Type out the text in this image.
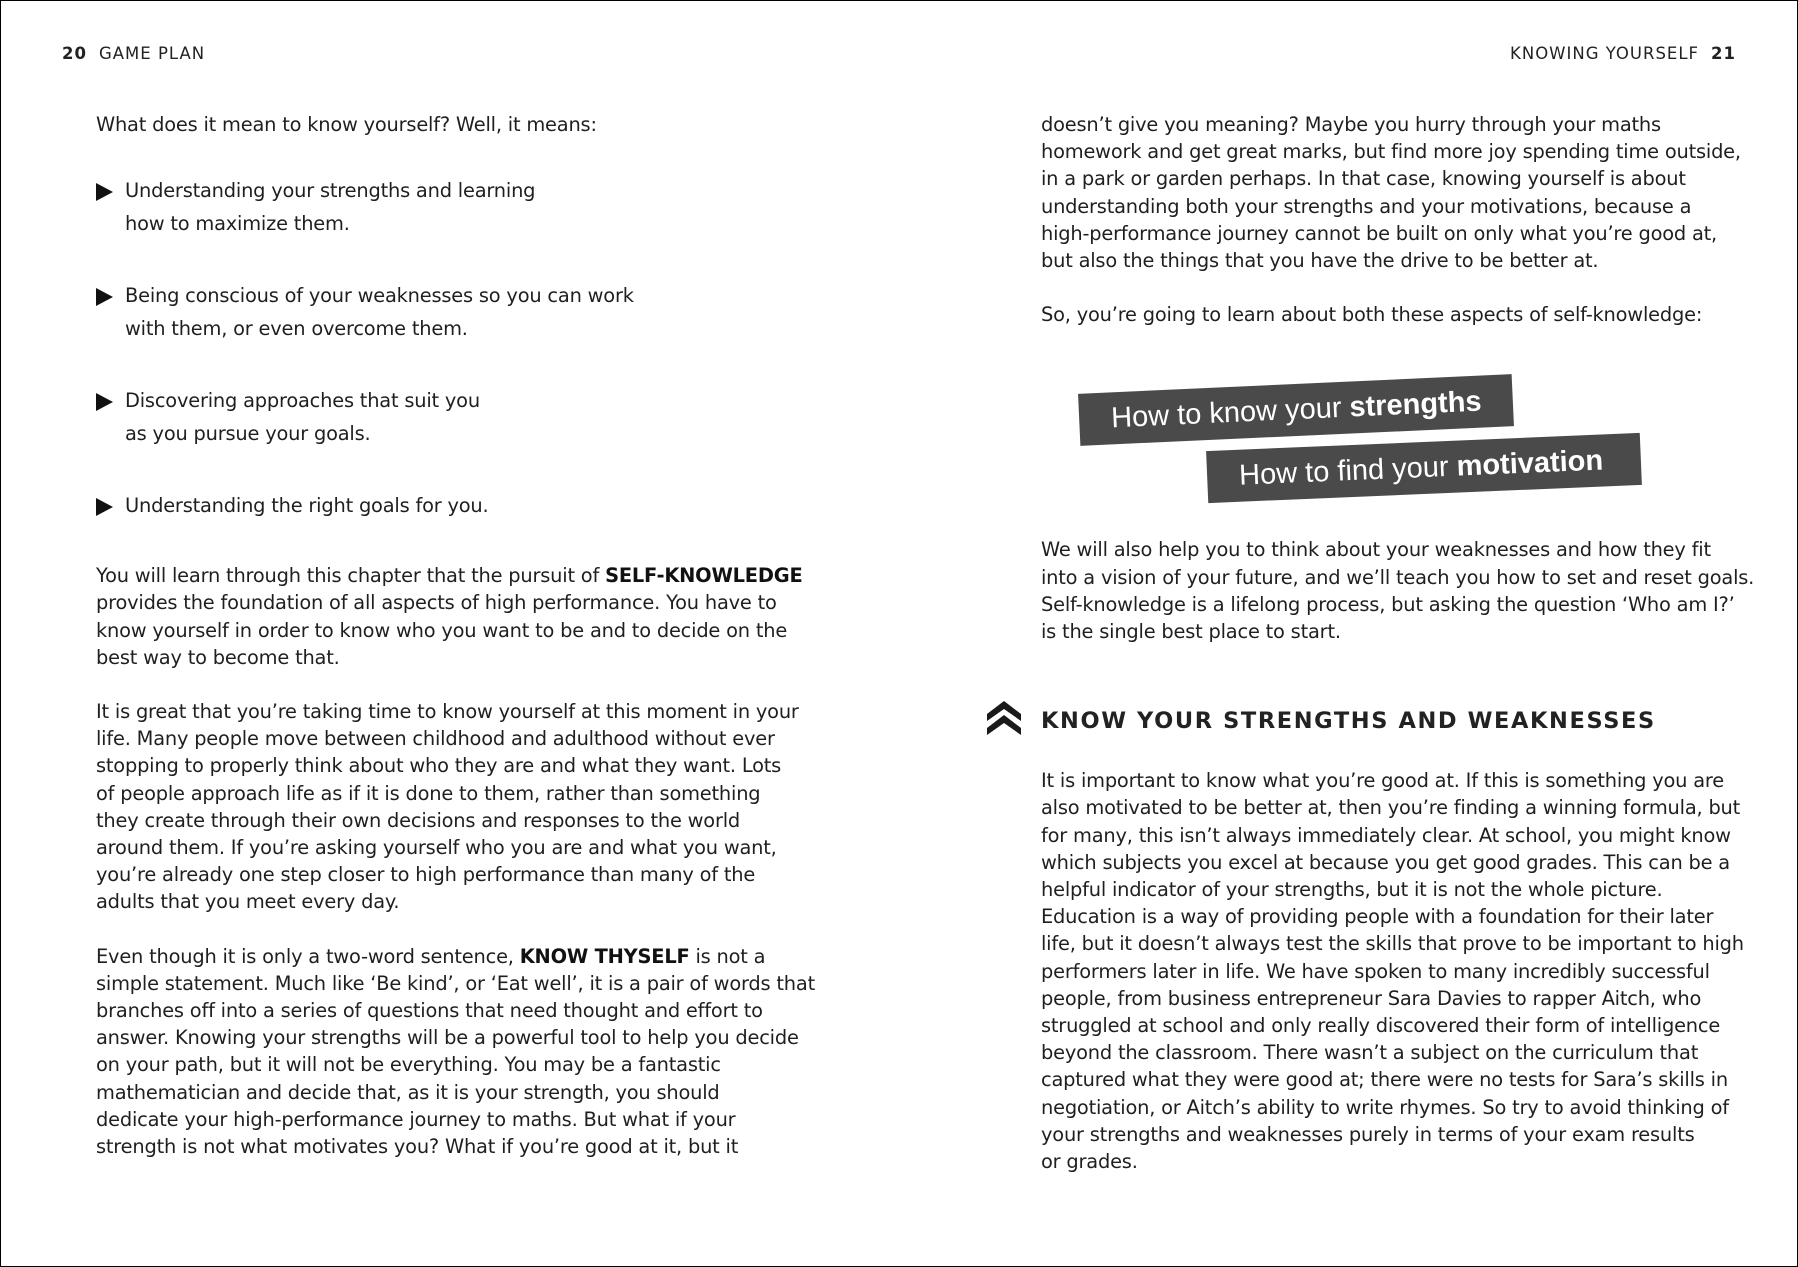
20 GAME PLAN	KNOWING YOURSELF 21

What does it mean to know yourself? Well, it means:

Understanding your strengths and learning
how to maximize them.
Being conscious of your weaknesses so you can work
with them, or even overcome them.
Discovering approaches that suit you
as you pursue your goals.
Understanding the right goals for you.

You will learn through this chapter that the pursuit of SELF-KNOWLEDGE

provides the foundation of all aspects of high performance. You have to

know yourself in order to know who you want to be and to decide on the

best way to become that.

It is great that you’re taking time to know yourself at this moment in your

life. Many people move between childhood and adulthood without ever

stopping to properly think about who they are and what they want. Lots

of people approach life as if it is done to them, rather than something

they create through their own decisions and responses to the world

around them. If you’re asking yourself who you are and what you want,

you’re already one step closer to high performance than many of the

adults that you meet every day.

Even though it is only a two-word sentence, KNOW THYSELF is not a

simple statement. Much like ‘Be kind’, or ‘Eat well’, it is a pair of words that

branches off into a series of questions that need thought and effort to

answer. Knowing your strengths will be a powerful tool to help you decide

on your path, but it will not be everything. You may be a fantastic

mathematician and decide that, as it is your strength, you should

dedicate your high-performance journey to maths. But what if your

strength is not what motivates you? What if you’re good at it, but it

doesn’t give you meaning? Maybe you hurry through your maths

homework and get great marks, but find more joy spending time outside,

in a park or garden perhaps. In that case, knowing yourself is about

understanding both your strengths and your motivations, because a

high-performance journey cannot be built on only what you’re good at,

but also the things that you have the drive to be better at.

So, you’re going to learn about both these aspects of self-knowledge:

How to know your strengths
How to find your motivation

We will also help you to think about your weaknesses and how they fit

into a vision of your future, and we’ll teach you how to set and reset goals.

Self-knowledge is a lifelong process, but asking the question ‘Who am I?’

is the single best place to start.

KNOW YOUR STRENGTHS AND WEAKNESSES

It is important to know what you’re good at. If this is something you are

also motivated to be better at, then you’re finding a winning formula, but

for many, this isn’t always immediately clear. At school, you might know

which subjects you excel at because you get good grades. This can be a

helpful indicator of your strengths, but it is not the whole picture.

Education is a way of providing people with a foundation for their later

life, but it doesn’t always test the skills that prove to be important to high

performers later in life. We have spoken to many incredibly successful

people, from business entrepreneur Sara Davies to rapper Aitch, who

struggled at school and only really discovered their form of intelligence

beyond the classroom. There wasn’t a subject on the curriculum that

captured what they were good at; there were no tests for Sara’s skills in

negotiation, or Aitch’s ability to write rhymes. So try to avoid thinking of

your strengths and weaknesses purely in terms of your exam results

or grades.
